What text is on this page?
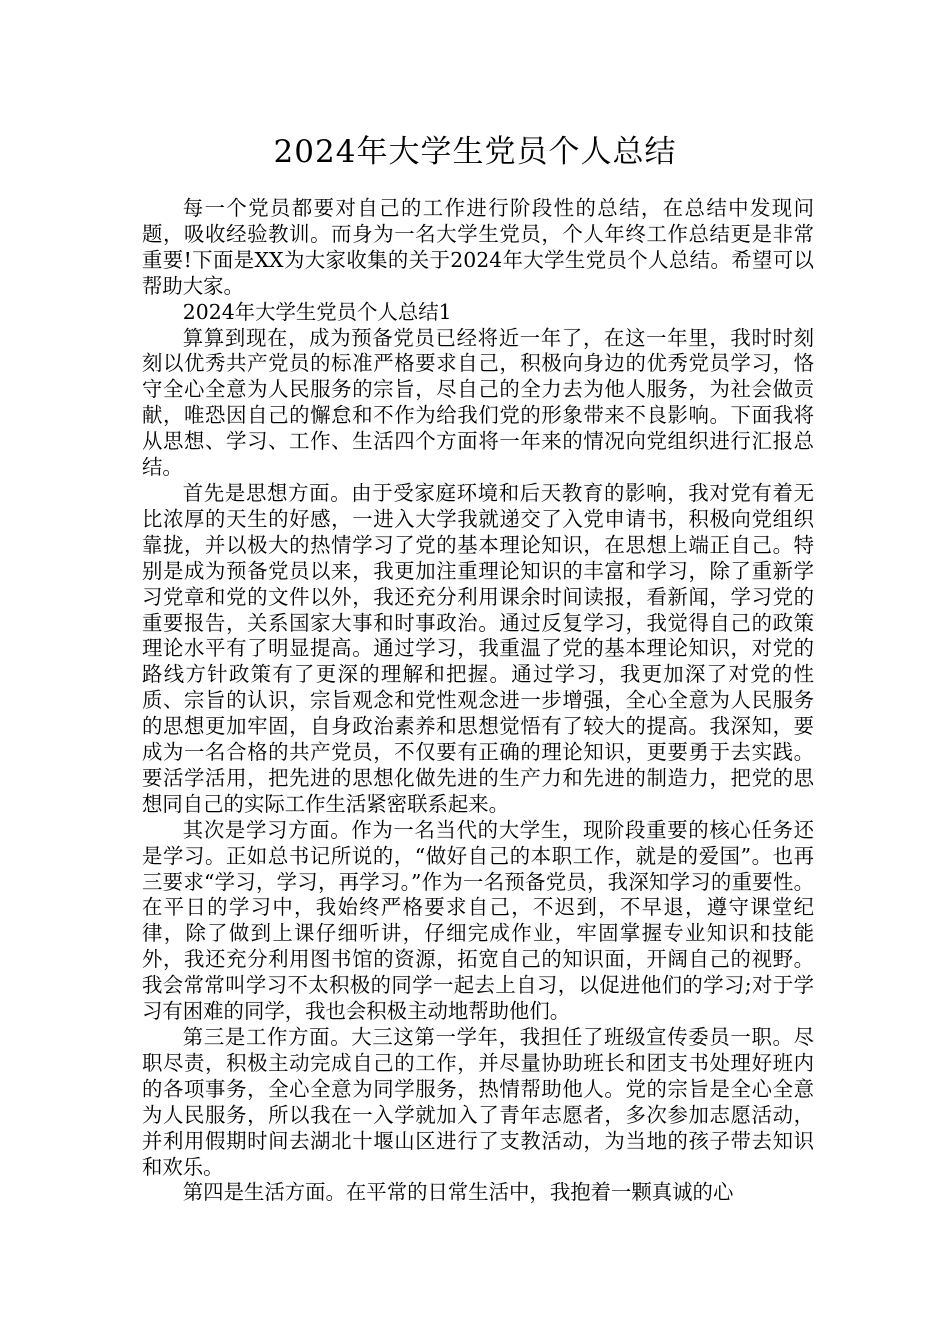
2024年大学生党员个人总结

每一个党员都要对自己的工作进行阶段性的总结，在总结中发现问题，吸收经验教训。而身为一名大学生党员，个人年终工作总结更是非常重要!下面是XX为大家收集的关于2024年大学生党员个人总结。希望可以帮助大家。

2024年大学生党员个人总结1

算算到现在，成为预备党员已经将近一年了，在这一年里，我时时刻刻以优秀共产党员的标准严格要求自己，积极向身边的优秀党员学习，恪守全心全意为人民服务的宗旨，尽自己的全力去为他人服务，为社会做贡献，唯恐因自己的懈怠和不作为给我们党的形象带来不良影响。下面我将从思想、学习、工作、生活四个方面将一年来的情况向党组织进行汇报总结。

首先是思想方面。由于受家庭环境和后天教育的影响，我对党有着无比浓厚的天生的好感，一进入大学我就递交了入党申请书，积极向党组织靠拢，并以极大的热情学习了党的基本理论知识，在思想上端正自己。特别是成为预备党员以来，我更加注重理论知识的丰富和学习，除了重新学习党章和党的文件以外，我还充分利用课余时间读报，看新闻，学习党的重要报告，关系国家大事和时事政治。通过反复学习，我觉得自己的政策理论水平有了明显提高。通过学习，我重温了党的基本理论知识，对党的路线方针政策有了更深的理解和把握。通过学习，我更加深了对党的性质、宗旨的认识，宗旨观念和党性观念进一步增强，全心全意为人民服务的思想更加牢固，自身政治素养和思想觉悟有了较大的提高。我深知，要成为一名合格的共产党员，不仅要有正确的理论知识，更要勇于去实践。要活学活用，把先进的思想化做先进的生产力和先进的制造力，把党的思想同自己的实际工作生活紧密联系起来。

其次是学习方面。作为一名当代的大学生，现阶段重要的核心任务还是学习。正如总书记所说的，“做好自己的本职工作，就是的爱国”。也再三要求“学习，学习，再学习。”作为一名预备党员，我深知学习的重要性。在平日的学习中，我始终严格要求自己，不迟到，不早退，遵守课堂纪律，除了做到上课仔细听讲，仔细完成作业，牢固掌握专业知识和技能外，我还充分利用图书馆的资源，拓宽自己的知识面，开阔自己的视野。我会常常叫学习不太积极的同学一起去上自习，以促进他们的学习;对于学习有困难的同学，我也会积极主动地帮助他们。

第三是工作方面。大三这第一学年，我担任了班级宣传委员一职。尽职尽责，积极主动完成自己的工作，并尽量协助班长和团支书处理好班内的各项事务，全心全意为同学服务，热情帮助他人。党的宗旨是全心全意为人民服务，所以我在一入学就加入了青年志愿者，多次参加志愿活动，并利用假期时间去湖北十堰山区进行了支教活动，为当地的孩子带去知识和欢乐。

第四是生活方面。在平常的日常生活中，我抱着一颗真诚的心
